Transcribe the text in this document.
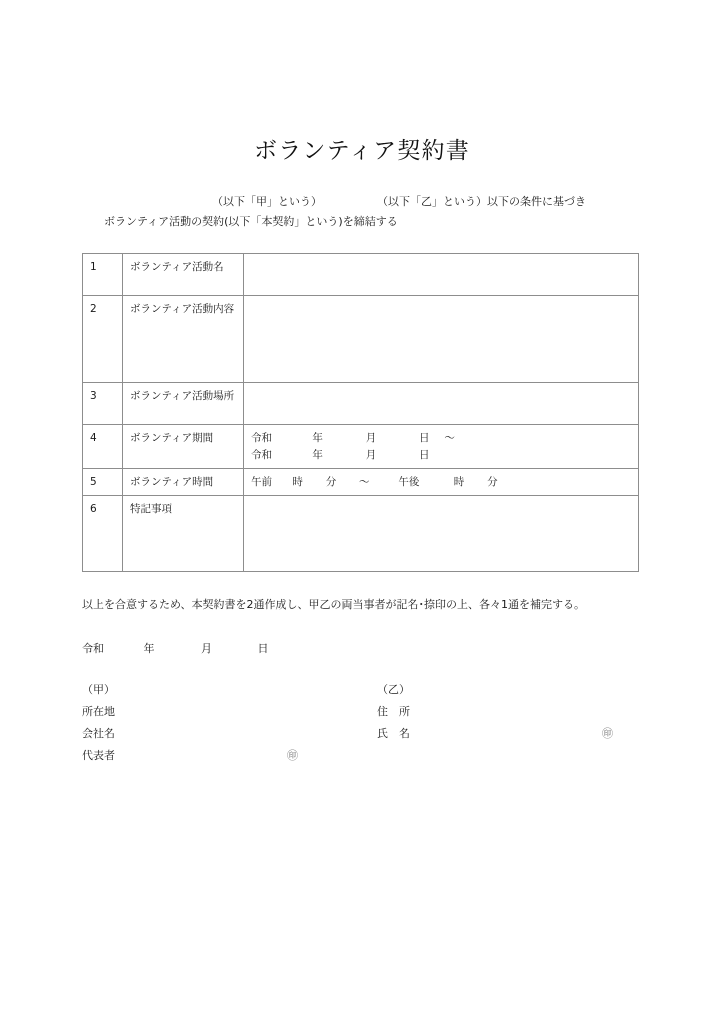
ボランティア契約書
（以下「甲」という）	（以下「乙」という）以下の条件に基づき
ボランティア活動の契約(以下「本契約」という)を締結する
1	ボランティア活動名	
2	ボランティア活動内容	
3	ボランティア活動場所	
4	ボランティア期間	令和 年 月 日 ～
令和 年 月 日

5	ボランティア時間	午前 時 分 ～ 午後 時 分

6	特記事項	
以上を合意するため、本契約書を2通作成し、甲乙の両当事者が記名･捺印の上、各々1通を補完する。
令和	年	月	日
（甲）	（乙）
所在地	住　所
会社名	氏　名	㊞
代表者	㊞
